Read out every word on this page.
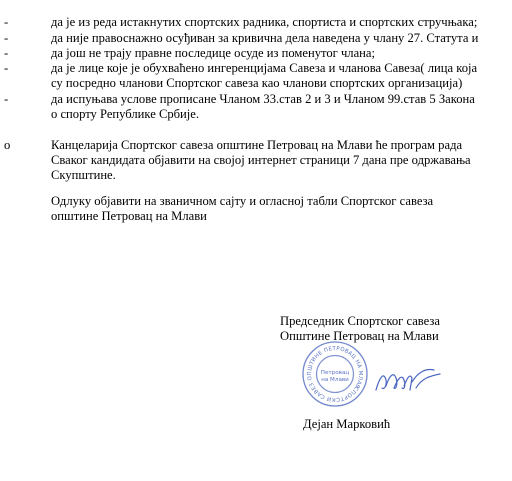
-	да је из реда истакнутих спортских радника, спортиста и спортских стручњака;
-	да није правоснажно осуђиван за кривична дела наведена у члану 27. Статута и
-	да још не трају правне последице осуде из поменутог члана;
-	да је лице које је обухваћено ингеренцијама Савеза и чланова Савеза( лица која
су посредно чланови Спортског савеза као чланови спортских организација)
-	да испуњава услове прописане Чланом 33.став 2 и 3 и Чланом 99.став 5 Закона
о спорту Републике Србије.
о	Канцеларија Спортског савеза општине Петровац на Млави ће програм рада
Сваког кандидата објавити на својој интернет страници 7 дана пре одржавања
Скупштине.
Одлуку објавити на званичном сајту и огласној табли Спортског савеза
општине Петровац на Млави
Председник Спортског савеза
Општине Петровац на Млави
СПОРТСКИ САВЕЗ ОПШТИНЕ ПЕТРОВАЦ НА МЛАВИ
Петровац
на Млави
Дејан Марковић
